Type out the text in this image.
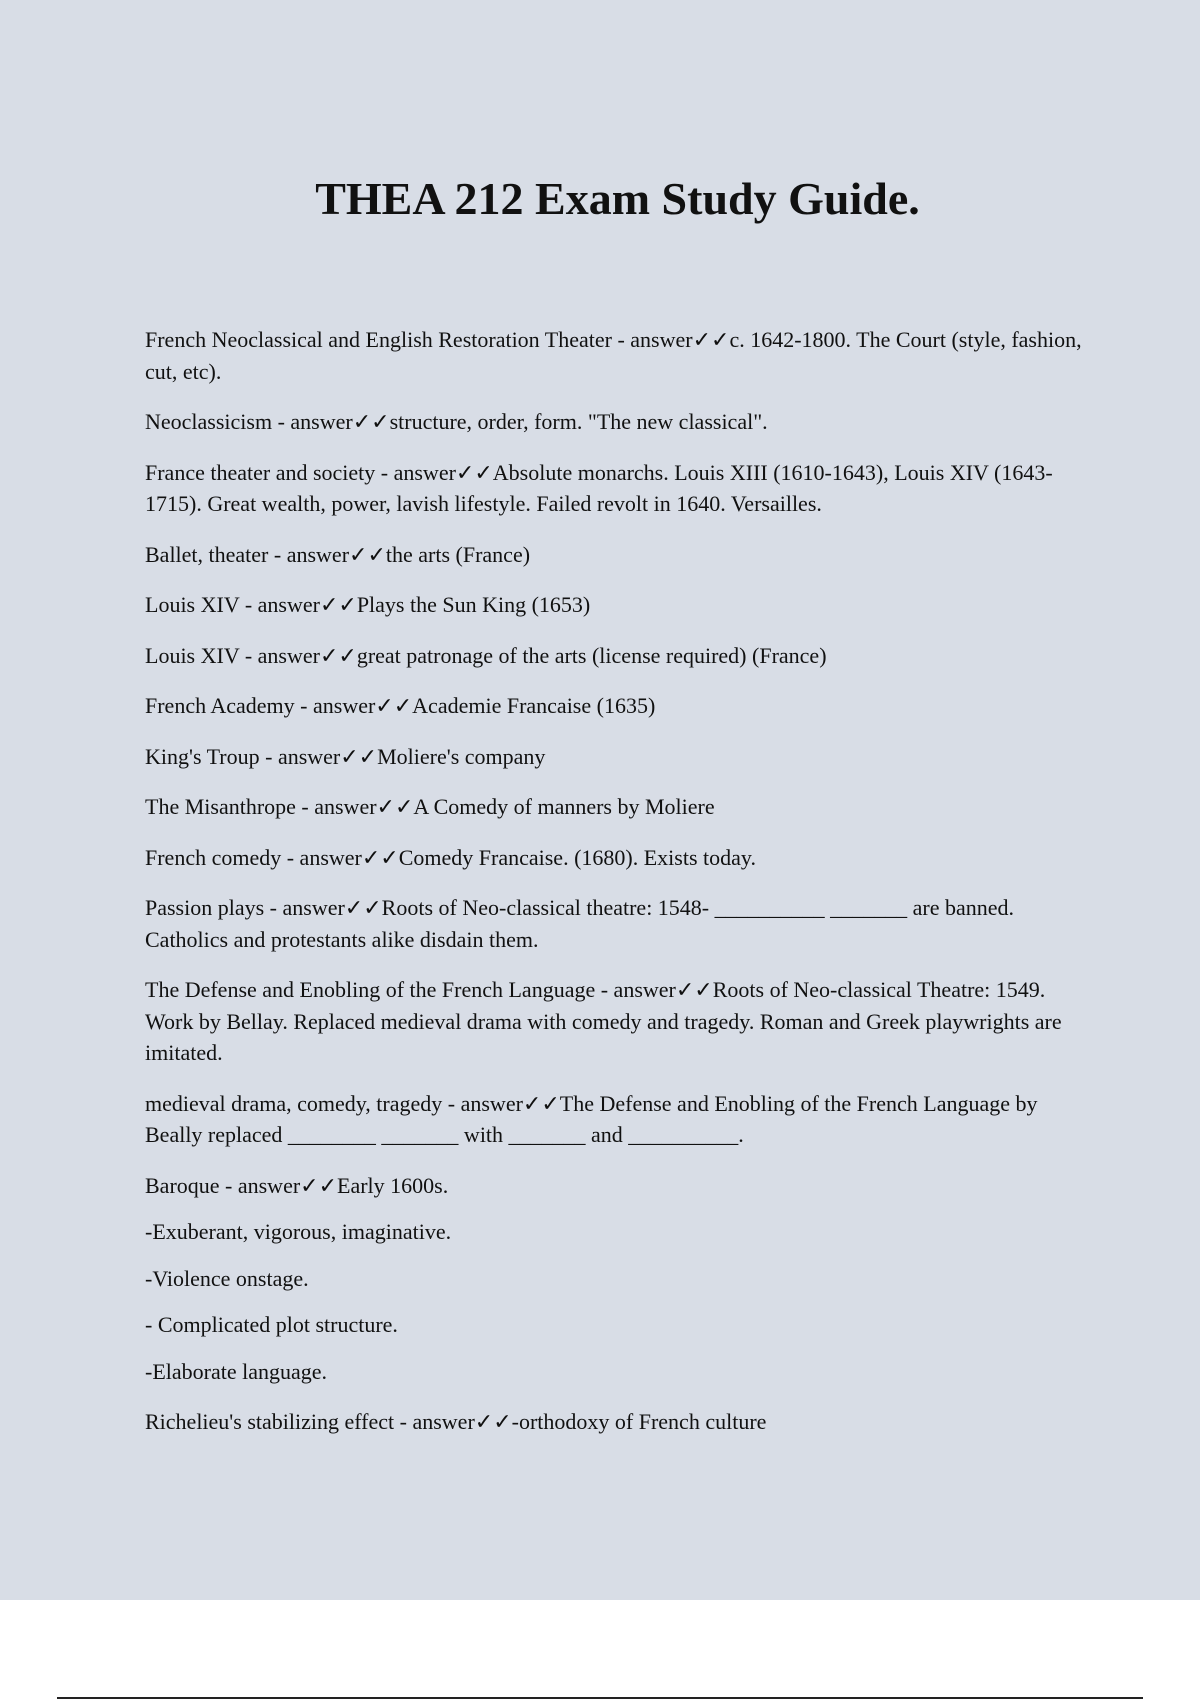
THEA 212 Exam Study Guide.

French Neoclassical and English Restoration Theater - answer✓✓c. 1642-1800. The Court (style, fashion, cut, etc).

Neoclassicism - answer✓✓structure, order, form. "The new classical".

France theater and society - answer✓✓Absolute monarchs. Louis XIII (1610-1643), Louis XIV (1643-1715). Great wealth, power, lavish lifestyle. Failed revolt in 1640. Versailles.

Ballet, theater - answer✓✓the arts (France)

Louis XIV - answer✓✓Plays the Sun King (1653)

Louis XIV - answer✓✓great patronage of the arts (license required) (France)

French Academy - answer✓✓Academie Francaise (1635)

King's Troup - answer✓✓Moliere's company

The Misanthrope - answer✓✓A Comedy of manners by Moliere

French comedy - answer✓✓Comedy Francaise. (1680). Exists today.

Passion plays - answer✓✓Roots of Neo-classical theatre: 1548- __________ _______ are banned. Catholics and protestants alike disdain them.

The Defense and Enobling of the French Language - answer✓✓Roots of Neo-classical Theatre: 1549. Work by Bellay. Replaced medieval drama with comedy and tragedy. Roman and Greek playwrights are imitated.

medieval drama, comedy, tragedy - answer✓✓The Defense and Enobling of the French Language by Beally replaced ________ _______ with _______ and __________.

Baroque - answer✓✓Early 1600s.

-Exuberant, vigorous, imaginative.

-Violence onstage.

- Complicated plot structure.

-Elaborate language.

Richelieu's stabilizing effect - answer✓✓-orthodoxy of French culture
